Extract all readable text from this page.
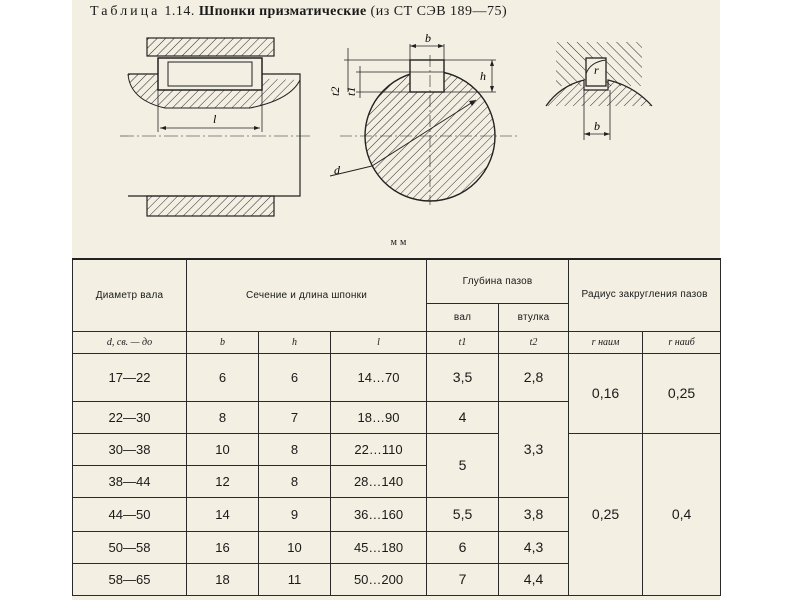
Таблица 1.14. Шпонки призматические (из СТ СЭВ 189—75)
l
b
h
t2 t1
d
b
r
мм
Диаметр вала	Сечение и длина шпонки			Глубина пазов		Радиус закругления пазов	
				вал	втулка		
d, св. — до	b	h	l	t1	t2	r наим	r наиб
17—22	6	6	14…70	3,5	2,8	0,16	0,25
22—30	8	7	18…90	4	3,3		
30—38	10	8	22…110	5		0,25	0,4
38—44	12	8	28…140				
44—50	14	9	36…160	5,5	3,8		
50—58	16	10	45…180	6	4,3		
58—65	18	11	50…200	7	4,4		
